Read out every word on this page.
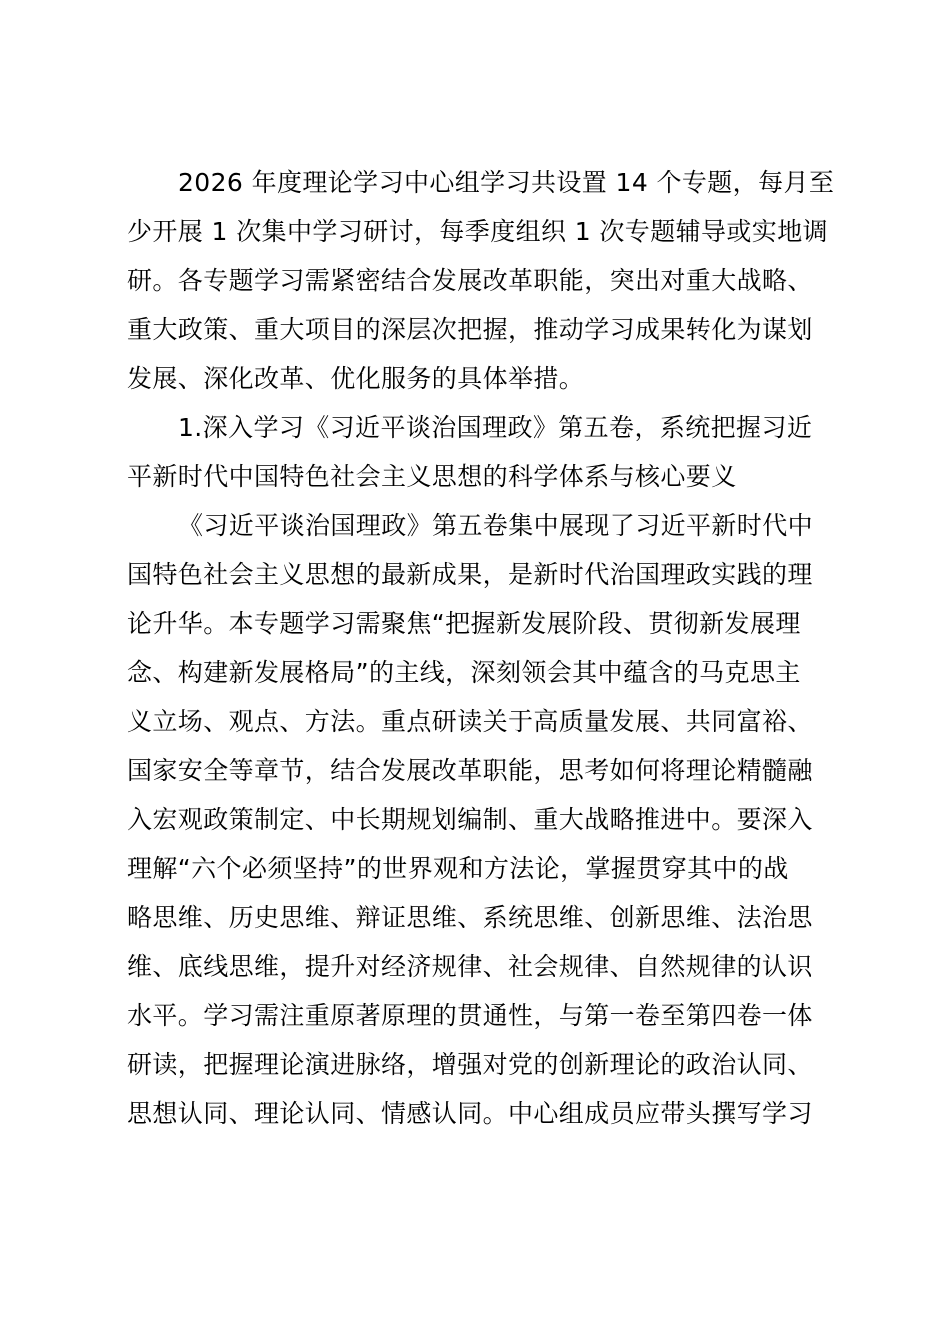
2026 年度理论学习中心组学习共设置 14 个专题，每月至
少开展 1 次集中学习研讨，每季度组织 1 次专题辅导或实地调
研。各专题学习需紧密结合发展改革职能，突出对重大战略、
重大政策、重大项目的深层次把握，推动学习成果转化为谋划
发展、深化改革、优化服务的具体举措。
1.深入学习《习近平谈治国理政》第五卷，系统把握习近
平新时代中国特色社会主义思想的科学体系与核心要义
《习近平谈治国理政》第五卷集中展现了习近平新时代中
国特色社会主义思想的最新成果，是新时代治国理政实践的理
论升华。本专题学习需聚焦“把握新发展阶段、贯彻新发展理
念、构建新发展格局”的主线，深刻领会其中蕴含的马克思主
义立场、观点、方法。重点研读关于高质量发展、共同富裕、
国家安全等章节，结合发展改革职能，思考如何将理论精髓融
入宏观政策制定、中长期规划编制、重大战略推进中。要深入
理解“六个必须坚持”的世界观和方法论，掌握贯穿其中的战
略思维、历史思维、辩证思维、系统思维、创新思维、法治思
维、底线思维，提升对经济规律、社会规律、自然规律的认识
水平。学习需注重原著原理的贯通性，与第一卷至第四卷一体
研读，把握理论演进脉络，增强对党的创新理论的政治认同、
思想认同、理论认同、情感认同。中心组成员应带头撰写学习
